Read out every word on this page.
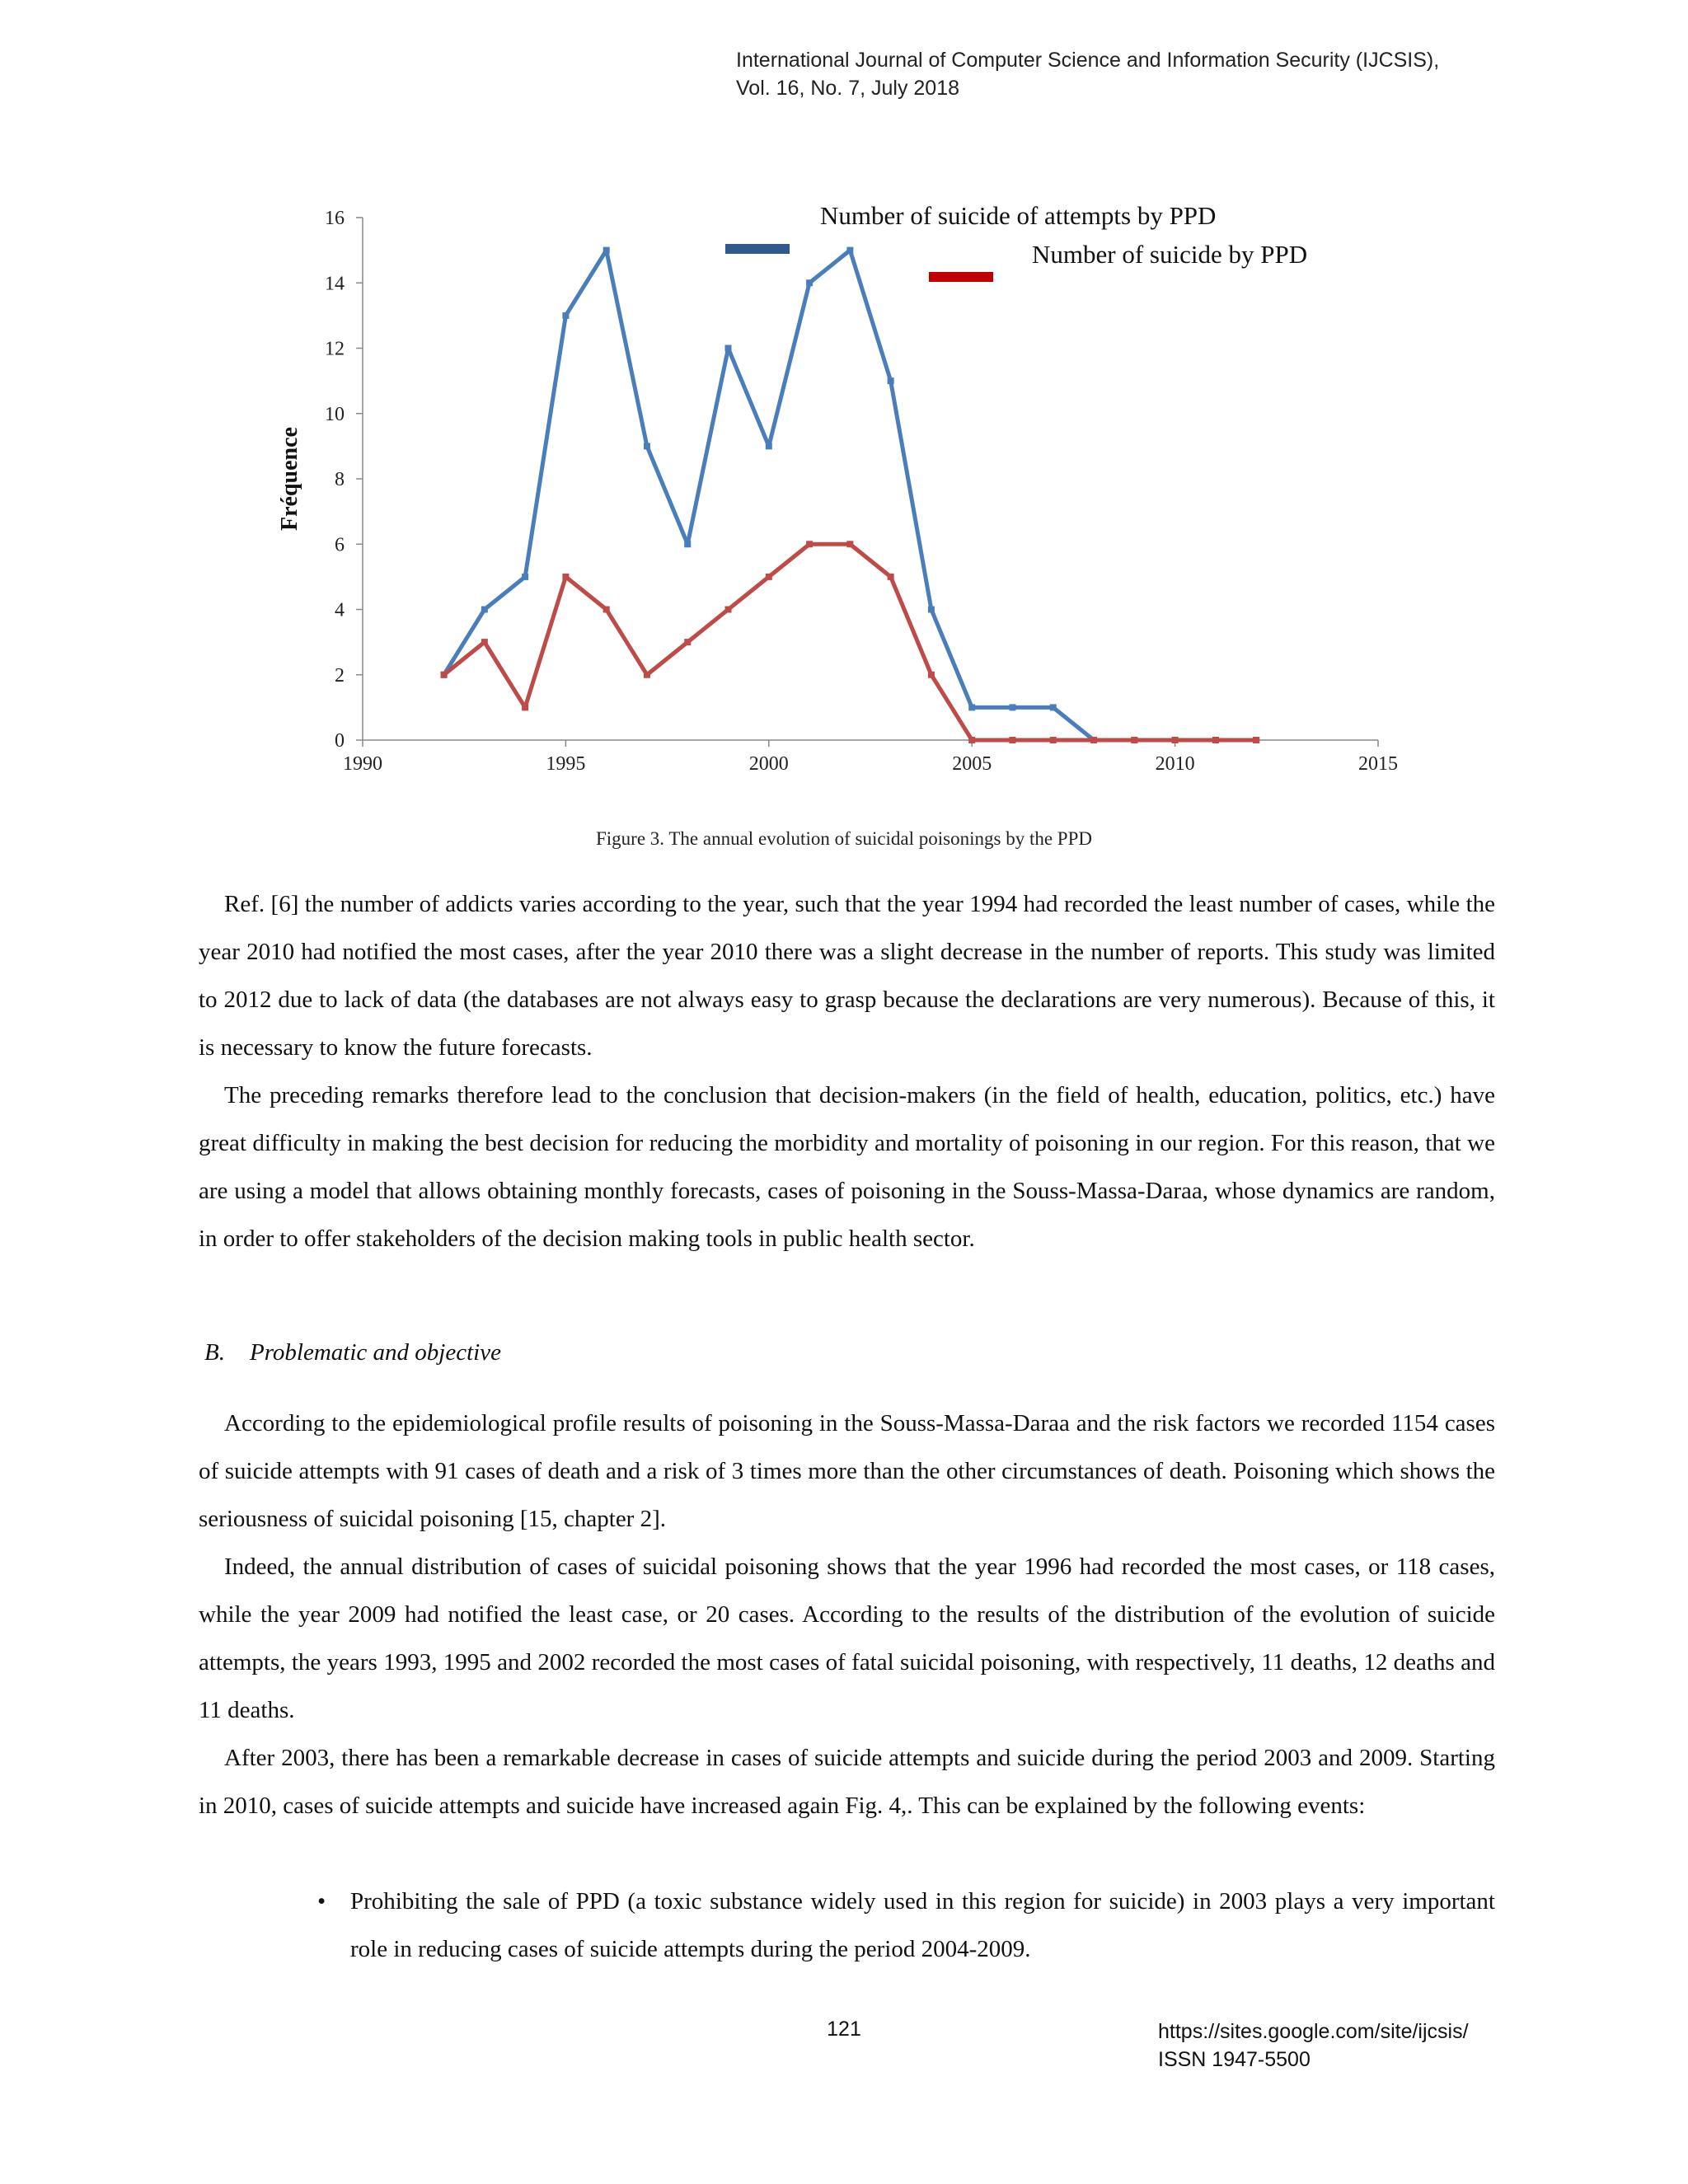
International Journal of Computer Science and Information Security (IJCSIS),
Vol. 16, No. 7, July 2018
0
2
4
6
8
10
12
14
16
1990	1995	2000	2005	2010	2015
Fréquence
Number of suicide of attempts by PPD
Number of suicide by PPD
Figure 3. The annual evolution of suicidal poisonings by the PPD

Ref. [6] the number of addicts varies according to the year, such that the year 1994 had recorded the least number of cases, while the year 2010 had notified the most cases, after the year 2010 there was a slight decrease in the number of reports. This study was limited to 2012 due to lack of data (the databases are not always easy to grasp because the declarations are very numerous). Because of this, it is necessary to know the future forecasts.

The preceding remarks therefore lead to the conclusion that decision-makers (in the field of health, education, politics, etc.) have great difficulty in making the best decision for reducing the morbidity and mortality of poisoning in our region. For this reason, that we are using a model that allows obtaining monthly forecasts, cases of poisoning in the Souss-Massa-Daraa, whose dynamics are random, in order to offer stakeholders of the decision making tools in public health sector.

B. Problematic and objective

According to the epidemiological profile results of poisoning in the Souss-Massa-Daraa and the risk factors we recorded 1154 cases of suicide attempts with 91 cases of death and a risk of 3 times more than the other circumstances of death. Poisoning which shows the seriousness of suicidal poisoning [15, chapter 2].

Indeed, the annual distribution of cases of suicidal poisoning shows that the year 1996 had recorded the most cases, or 118 cases, while the year 2009 had notified the least case, or 20 cases. According to the results of the distribution of the evolution of suicide attempts, the years 1993, 1995 and 2002 recorded the most cases of fatal suicidal poisoning, with respectively, 11 deaths, 12 deaths and 11 deaths.

After 2003, there has been a remarkable decrease in cases of suicide attempts and suicide during the period 2003 and 2009. Starting in 2010, cases of suicide attempts and suicide have increased again Fig. 4,. This can be explained by the following events:

•	Prohibiting the sale of PPD (a toxic substance widely used in this region for suicide) in 2003 plays a very important role in reducing cases of suicide attempts during the period 2004-2009.
121	https://sites.google.com/site/ijcsis/
ISSN 1947-5500
